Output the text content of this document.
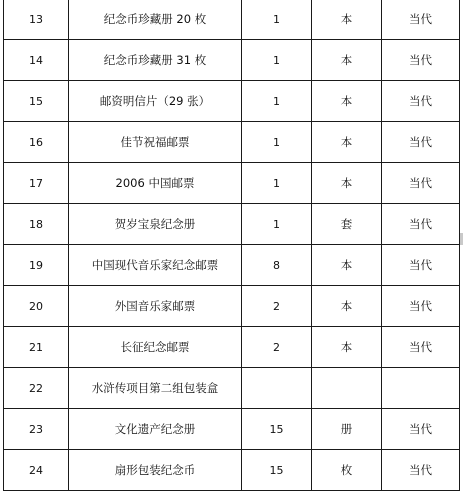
13	纪念币珍藏册 20 枚	1	本	当代
14	纪念币珍藏册 31 枚	1	本	当代
15	邮资明信片（29 张）	1	本	当代
16	佳节祝福邮票	1	本	当代
17	2006 中国邮票	1	本	当代
18	贺岁宝泉纪念册	1	套	当代
19	中国现代音乐家纪念邮票	8	本	当代
20	外国音乐家邮票	2	本	当代
21	长征纪念邮票	2	本	当代
22	水浒传项目第二组包装盒			
23	文化遗产纪念册	15	册	当代
24	扇形包装纪念币	15	枚	当代
